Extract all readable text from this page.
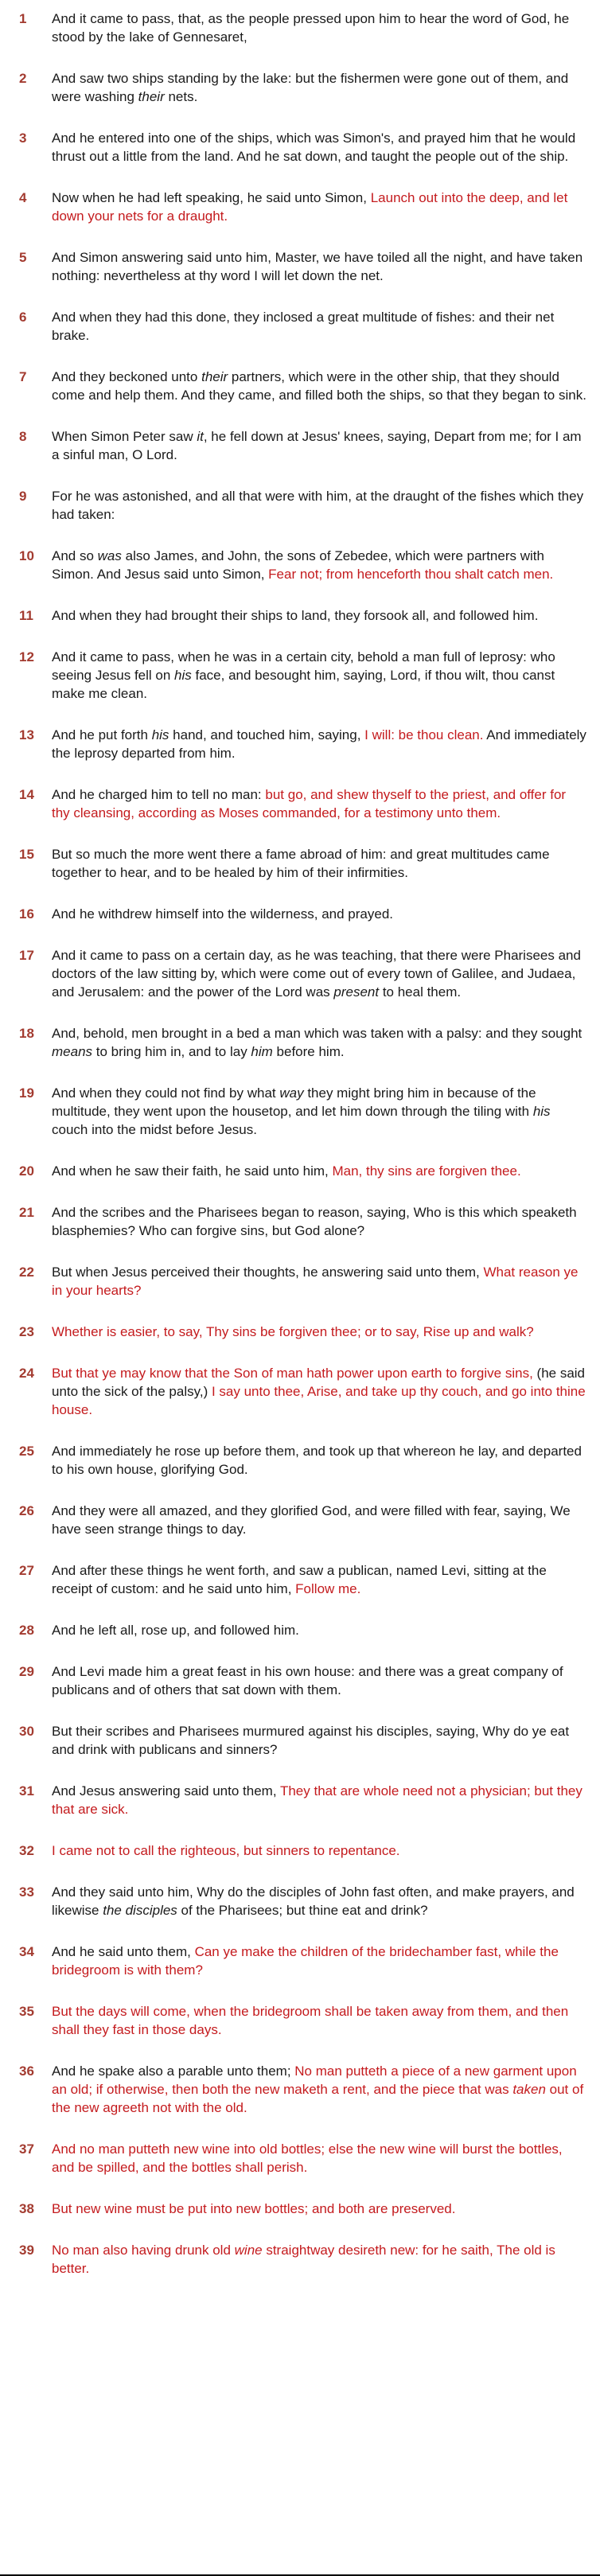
1	And it came to pass, that, as the people pressed upon him to hear the word of God, he stood by the lake of Gennesaret,
2	And saw two ships standing by the lake: but the fishermen were gone out of them, and were washing their nets.
3	And he entered into one of the ships, which was Simon's, and prayed him that he would thrust out a little from the land. And he sat down, and taught the people out of the ship.
4	Now when he had left speaking, he said unto Simon, Launch out into the deep, and let down your nets for a draught.
5	And Simon answering said unto him, Master, we have toiled all the night, and have taken nothing: nevertheless at thy word I will let down the net.
6	And when they had this done, they inclosed a great multitude of fishes: and their net brake.
7	And they beckoned unto their partners, which were in the other ship, that they should come and help them. And they came, and filled both the ships, so that they began to sink.
8	When Simon Peter saw it, he fell down at Jesus' knees, saying, Depart from me; for I am a sinful man, O Lord.
9	For he was astonished, and all that were with him, at the draught of the fishes which they had taken:
10	And so was also James, and John, the sons of Zebedee, which were partners with Simon. And Jesus said unto Simon, Fear not; from henceforth thou shalt catch men.
11	And when they had brought their ships to land, they forsook all, and followed him.
12	And it came to pass, when he was in a certain city, behold a man full of leprosy: who seeing Jesus fell on his face, and besought him, saying, Lord, if thou wilt, thou canst make me clean.
13	And he put forth his hand, and touched him, saying, I will: be thou clean. And immediately the leprosy departed from him.
14	And he charged him to tell no man: but go, and shew thyself to the priest, and offer for thy cleansing, according as Moses commanded, for a testimony unto them.
15	But so much the more went there a fame abroad of him: and great multitudes came together to hear, and to be healed by him of their infirmities.
16	And he withdrew himself into the wilderness, and prayed.
17	And it came to pass on a certain day, as he was teaching, that there were Pharisees and doctors of the law sitting by, which were come out of every town of Galilee, and Judaea, and Jerusalem: and the power of the Lord was present to heal them.
18	And, behold, men brought in a bed a man which was taken with a palsy: and they sought means to bring him in, and to lay him before him.
19	And when they could not find by what way they might bring him in because of the multitude, they went upon the housetop, and let him down through the tiling with his couch into the midst before Jesus.
20	And when he saw their faith, he said unto him, Man, thy sins are forgiven thee.
21	And the scribes and the Pharisees began to reason, saying, Who is this which speaketh blasphemies? Who can forgive sins, but God alone?
22	But when Jesus perceived their thoughts, he answering said unto them, What reason ye in your hearts?
23	Whether is easier, to say, Thy sins be forgiven thee; or to say, Rise up and walk?
24	But that ye may know that the Son of man hath power upon earth to forgive sins, (he said unto the sick of the palsy,) I say unto thee, Arise, and take up thy couch, and go into thine house.
25	And immediately he rose up before them, and took up that whereon he lay, and departed to his own house, glorifying God.
26	And they were all amazed, and they glorified God, and were filled with fear, saying, We have seen strange things to day.
27	And after these things he went forth, and saw a publican, named Levi, sitting at the receipt of custom: and he said unto him, Follow me.
28	And he left all, rose up, and followed him.
29	And Levi made him a great feast in his own house: and there was a great company of publicans and of others that sat down with them.
30	But their scribes and Pharisees murmured against his disciples, saying, Why do ye eat and drink with publicans and sinners?
31	And Jesus answering said unto them, They that are whole need not a physician; but they that are sick.
32	I came not to call the righteous, but sinners to repentance.
33	And they said unto him, Why do the disciples of John fast often, and make prayers, and likewise the disciples of the Pharisees; but thine eat and drink?
34	And he said unto them, Can ye make the children of the bridechamber fast, while the bridegroom is with them?
35	But the days will come, when the bridegroom shall be taken away from them, and then shall they fast in those days.
36	And he spake also a parable unto them; No man putteth a piece of a new garment upon an old; if otherwise, then both the new maketh a rent, and the piece that was taken out of the new agreeth not with the old.
37	And no man putteth new wine into old bottles; else the new wine will burst the bottles, and be spilled, and the bottles shall perish.
38	But new wine must be put into new bottles; and both are preserved.
39	No man also having drunk old wine straightway desireth new: for he saith, The old is better.
